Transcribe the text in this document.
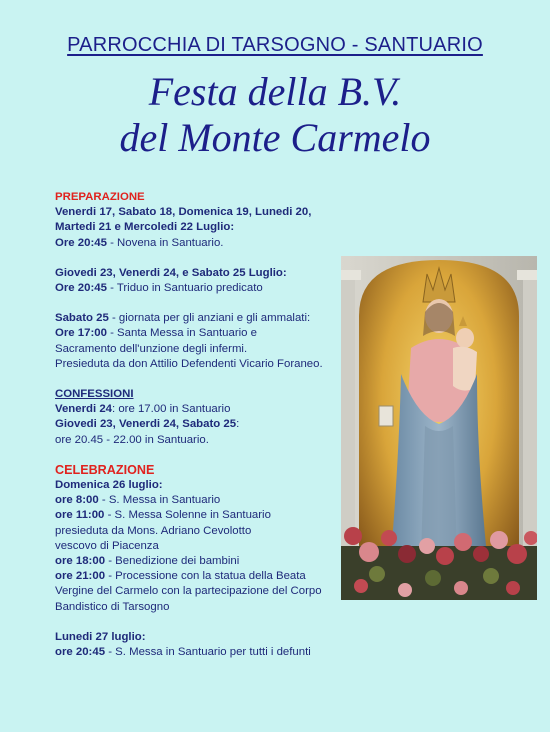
PARROCCHIA DI TARSOGNO - SANTUARIO
Festa della B.V.
del Monte Carmelo

PREPARAZIONE

Venerdi 17, Sabato 18, Domenica 19, Lunedi 20,

Martedi 21 e Mercoledi 22 Luglio:

Ore 20:45 - Novena in Santuario.

Giovedi 23, Venerdi 24, e Sabato 25 Luglio:

Ore 20:45 - Triduo in Santuario predicato

Sabato 25 - giornata per gli anziani e gli ammalati:

Ore 17:00 - Santa Messa in Santuario e

Sacramento dell'unzione degli infermi.

Presieduta da don Attilio Defendenti Vicario Foraneo.

CONFESSIONI

Venerdi 24: ore 17.00 in Santuario

Giovedi 23, Venerdi 24, Sabato 25:

ore 20.45 - 22.00 in Santuario.

CELEBRAZIONE

Domenica 26 luglio:

ore 8:00 - S. Messa in Santuario

ore 11:00 - S. Messa Solenne in Santuario

presieduta da Mons. Adriano Cevolotto

vescovo di Piacenza

ore 18:00 - Benedizione dei bambini

ore 21:00 - Processione con la statua della Beata

Vergine del Carmelo con la partecipazione del Corpo

Bandistico di Tarsogno

Lunedi 27 luglio:

ore 20:45 - S. Messa in Santuario per tutti i defunti
